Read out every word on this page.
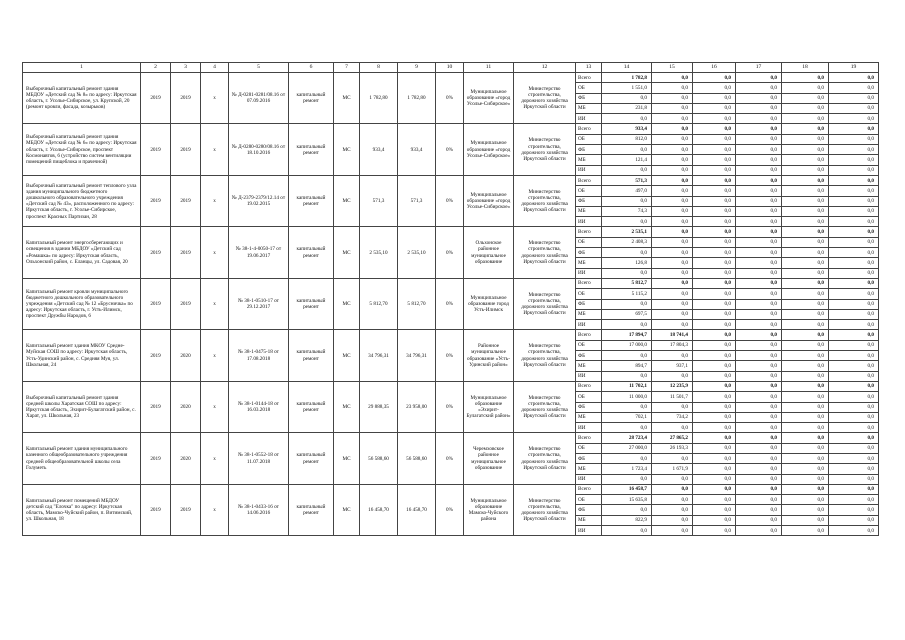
1	2	3	4	5	6	7	8	9	10	11	12	13	14	15	16	17	18	19
Выборочный капитальный ремонт здания МБДОУ «Детский сад № 8» по адресу: Иркутская область, г. Усолье-Сибирское, ул. Крупской, 20 (ремонт кровли, фасада, козырьков)	2019	2019	х	№ Д-0281-0281/08.16 от 07.09.2016	капитальный ремонт	МС	1 782,80	1 782,80	0%	Муниципальное образование «город Усолье-Сибирское»	Министерство строительства, дорожного хозяйства Иркутской области	Всего	1 782,8	0,0	0,0	0,0	0,0	0,0
												ОБ	1 551,0	0,0	0,0	0,0	0,0	0,0
												ФБ	0,0	0,0	0,0	0,0	0,0	0,0
												МБ	231,8	0,0	0,0	0,0	0,0	0,0
												ИИ	0,0	0,0	0,0	0,0	0,0	0,0
Выборочный капитальный ремонт здания МБДОУ «Детский сад № 6» по адресу: Иркутская область, г. Усолье-Сибирское, проспект Космонавтов, 6 (устройство систем вентиляции помещений пищеблока и прачечной)	2019	2019	х	№ Д-0280-0280/08.16 от 18.10.2016	капитальный ремонт	МС	933,4	933,4	0%	Муниципальное образование «город Усолье-Сибирское»	Министерство строительства, дорожного хозяйства Иркутской области	Всего	933,4	0,0	0,0	0,0	0,0	0,0
												ОБ	812,0	0,0	0,0	0,0	0,0	0,0
												ФБ	0,0	0,0	0,0	0,0	0,0	0,0
												МБ	121,4	0,0	0,0	0,0	0,0	0,0
												ИИ	0,0	0,0	0,0	0,0	0,0	0,0
Выборочный капитальный ремонт теплового узла здания муниципального бюджетного дошкольного образовательного учреждения «Детский сад № 43», расположенного по адресу: Иркутская область, г. Усолье-Сибирское, проспект Красных Партизан, 28	2019	2019	х	№ Д-2379-2379/12.14 от 19.02.2015	капитальный ремонт	МС	571,3	571,3	0%	Муниципальное образование «город Усолье-Сибирское»	Министерство строительства, дорожного хозяйства Иркутской области	Всего	571,3	0,0	0,0	0,0	0,0	0,0
												ОБ	497,0	0,0	0,0	0,0	0,0	0,0
												ФБ	0,0	0,0	0,0	0,0	0,0	0,0
												МБ	74,3	0,0	0,0	0,0	0,0	0,0
												ИИ	0,0	0,0	0,0	0,0	0,0	0,0
Капитальный ремонт энергосберегающих и освещения в здании МБДОУ «Детский сад «Ромашка» по адресу: Иркутская область, Ольхонский район, с. Еланцы, ул. Садовая, 20	2019	2019	х	№ 38-1-4-0050-17 от 19.06.2017	капитальный ремонт	МС	2 535,10	2 535,10	0%	Ольхонское районное муниципальное образование	Министерство строительства, дорожного хозяйства Иркутской области	Всего	2 535,1	0,0	0,0	0,0	0,0	0,0
												ОБ	2 408,3	0,0	0,0	0,0	0,0	0,0
												ФБ	0,0	0,0	0,0	0,0	0,0	0,0
												МБ	126,8	0,0	0,0	0,0	0,0	0,0
												ИИ	0,0	0,0	0,0	0,0	0,0	0,0
Капитальный ремонт кровли муниципального бюджетного дошкольного образовательного учреждения «Детский сад № 12 «Брусничка» по адресу: Иркутская область, г. Усть-Илимск, проспект Дружбы Народов, 6	2019	2019	х	№ 38-1-0510-17 от 29.12.2017	капитальный ремонт	МС	5 812,70	5 812,70	0%	Муниципальное образование город Усть-Илимск	Министерство строительства, дорожного хозяйства Иркутской области	Всего	5 812,7	0,0	0,0	0,0	0,0	0,0
												ОБ	5 115,2	0,0	0,0	0,0	0,0	0,0
												ФБ	0,0	0,0	0,0	0,0	0,0	0,0
												МБ	697,5	0,0	0,0	0,0	0,0	0,0
												ИИ	0,0	0,0	0,0	0,0	0,0	0,0
Капитальный ремонт здания МКОУ Средне-Муйская СОШ по адресу: Иркутская область, Усть-Удинский район, с. Средняя Муя, ул. Школьная, 24	2019	2020	х	№ 38-1-0475-18 от 17.08.2018	капитальный ремонт	МС	34 796,31	34 796,31	0%	Районное муниципальное образование «Усть-Удинский район»	Министерство строительства, дорожного хозяйства Иркутской области	Всего	17 894,7	18 741,4	0,0	0,0	0,0	0,0
												ОБ	17 000,0	17 804,3	0,0	0,0	0,0	0,0
												ФБ	0,0	0,0	0,0	0,0	0,0	0,0
												МБ	894,7	937,1	0,0	0,0	0,0	0,0
												ИИ	0,0	0,0	0,0	0,0	0,0	0,0
Выборочный капитальный ремонт здания средней школы Харатская СОШ по адресу: Иркутская область, Эхирит-Булагатский район, с. Харат, ул. Школьная, 23	2019	2020	х	№ 38-1-0144-18 от 16.03.2018	капитальный ремонт	МС	29 888,35	23 958,00	0%	Муниципальное образование «Эхирит-Булагатский район»	Министерство строительства, дорожного хозяйства Иркутской области	Всего	11 702,1	12 235,9	0,0	0,0	0,0	0,0
												ОБ	11 000,0	11 501,7	0,0	0,0	0,0	0,0
												ФБ	0,0	0,0	0,0	0,0	0,0	0,0
												МБ	702,1	734,2	0,0	0,0	0,0	0,0
												ИИ	0,0	0,0	0,0	0,0	0,0	0,0
Капитальный ремонт здания муниципального казенного общеобразовательного учреждения средней общеобразовательной школы села Голуметь	2019	2020	х	№ 38-1-0552-18 от 11.07.2018	капитальный ремонт	МС	56 588,60	56 588,60	0%	Черемховское районное муниципальное образование	Министерство строительства, дорожного хозяйства Иркутской области	Всего	28 723,4	27 865,2	0,0	0,0	0,0	0,0
												ОБ	27 000,0	26 193,3	0,0	0,0	0,0	0,0
												ФБ	0,0	0,0	0,0	0,0	0,0	0,0
												МБ	1 723,4	1 671,9	0,0	0,0	0,0	0,0
												ИИ	0,0	0,0	0,0	0,0	0,0	0,0
Капитальный ремонт помещений МБДОУ детский сад "Елочка" по адресу: Иркутская область, Мамско-Чуйский район, п. Витимский, ул. Школьная, 18	2019	2019	х	№ 38-1-0433-16 от 14.06.2016	капитальный ремонт	МС	16 458,70	16 458,70	0%	Муниципальное образование Мамско-Чуйского района	Министерство строительства, дорожного хозяйства Иркутской области	Всего	16 458,7	0,0	0,0	0,0	0,0	0,0
												ОБ	15 635,8	0,0	0,0	0,0	0,0	0,0
												ФБ	0,0	0,0	0,0	0,0	0,0	0,0
												МБ	822,9	0,0	0,0	0,0	0,0	0,0
												ИИ	0,0	0,0	0,0	0,0	0,0	0,0
